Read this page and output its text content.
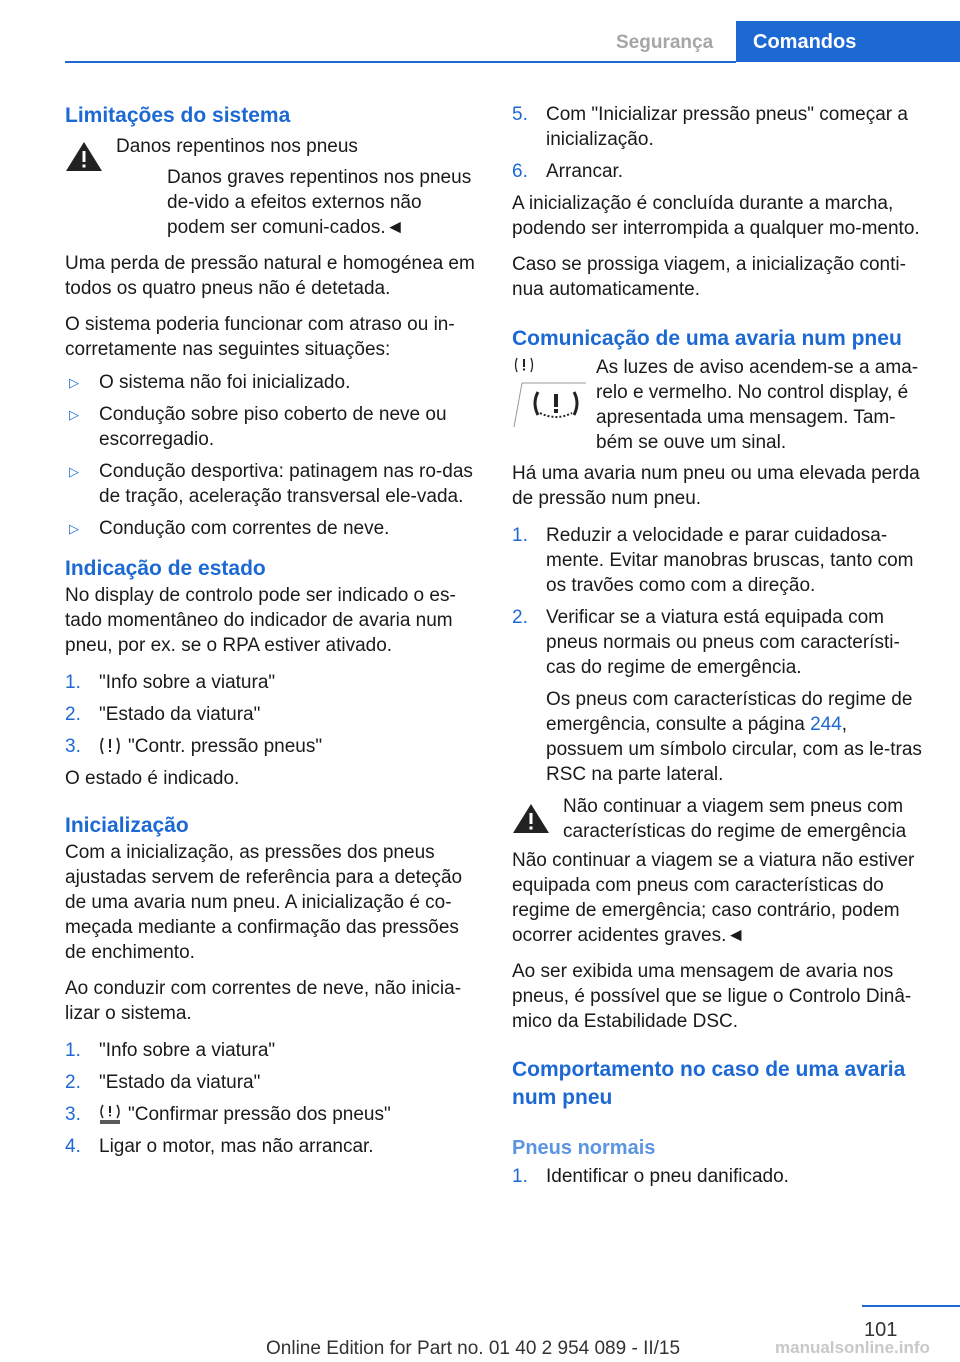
Segurança Comandos
Limitações do sistema

Danos repentinos nos pneus

Danos graves repentinos nos pneus de-vido a efeitos externos não podem ser comuni-cados.◄

Uma perda de pressão natural e homogénea em todos os quatro pneus não é detetada.

O sistema poderia funcionar com atraso ou in-corretamente nas seguintes situações:

▷ O sistema não foi inicializado.
▷ Condução sobre piso coberto de neve ou escorregadio.
▷ Condução desportiva: patinagem nas ro-das de tração, aceleração transversal ele-vada.
▷ Condução com correntes de neve.
Indicação de estado

No display de controlo pode ser indicado o es-tado momentâneo do indicador de avaria num pneu, por ex. se o RPA estiver ativado.

1. "Info sobre a viatura"
2. "Estado da viatura"
3. "Contr. pressão pneus"

O estado é indicado.

Inicialização

Com a inicialização, as pressões dos pneus ajustadas servem de referência para a deteção de uma avaria num pneu. A inicialização é co-meçada mediante a confirmação das pressões de enchimento.

Ao conduzir com correntes de neve, não inicia-lizar o sistema.

1. "Info sobre a viatura"
2. "Estado da viatura"
3. "Confirmar pressão dos pneus"
4. Ligar o motor, mas não arrancar.
5. Com "Inicializar pressão pneus" começar a inicialização.
6. Arrancar.

A inicialização é concluída durante a marcha, podendo ser interrompida a qualquer mo-mento.

Caso se prossiga viagem, a inicialização conti-nua automaticamente.

Comunicação de uma avaria num pneu

As luzes de aviso acendem-se a ama-relo e vermelho. No control display, é apresentada uma mensagem. Tam-bém se ouve um sinal.

Há uma avaria num pneu ou uma elevada perda de pressão num pneu.

1. Reduzir a velocidade e parar cuidadosa-mente. Evitar manobras bruscas, tanto com os travões como com a direção.
2. Verificar se a viatura está equipada com pneus normais ou pneus com característi-cas do regime de emergência.
Os pneus com características do regime de emergência, consulte a página 244, possuem um símbolo circular, com as le-tras RSC na parte lateral.

Não continuar a viagem sem pneus com características do regime de emergência

Não continuar a viagem se a viatura não estiver equipada com pneus com características do regime de emergência; caso contrário, podem ocorrer acidentes graves.◄

Ao ser exibida uma mensagem de avaria nos pneus, é possível que se ligue o Controlo Dinâ-mico da Estabilidade DSC.

Comportamento no caso de uma avaria num pneu
Pneus normais
1. Identificar o pneu danificado.
101
Online Edition for Part no. 01 40 2 954 089 - II/15	manualsonline.info
